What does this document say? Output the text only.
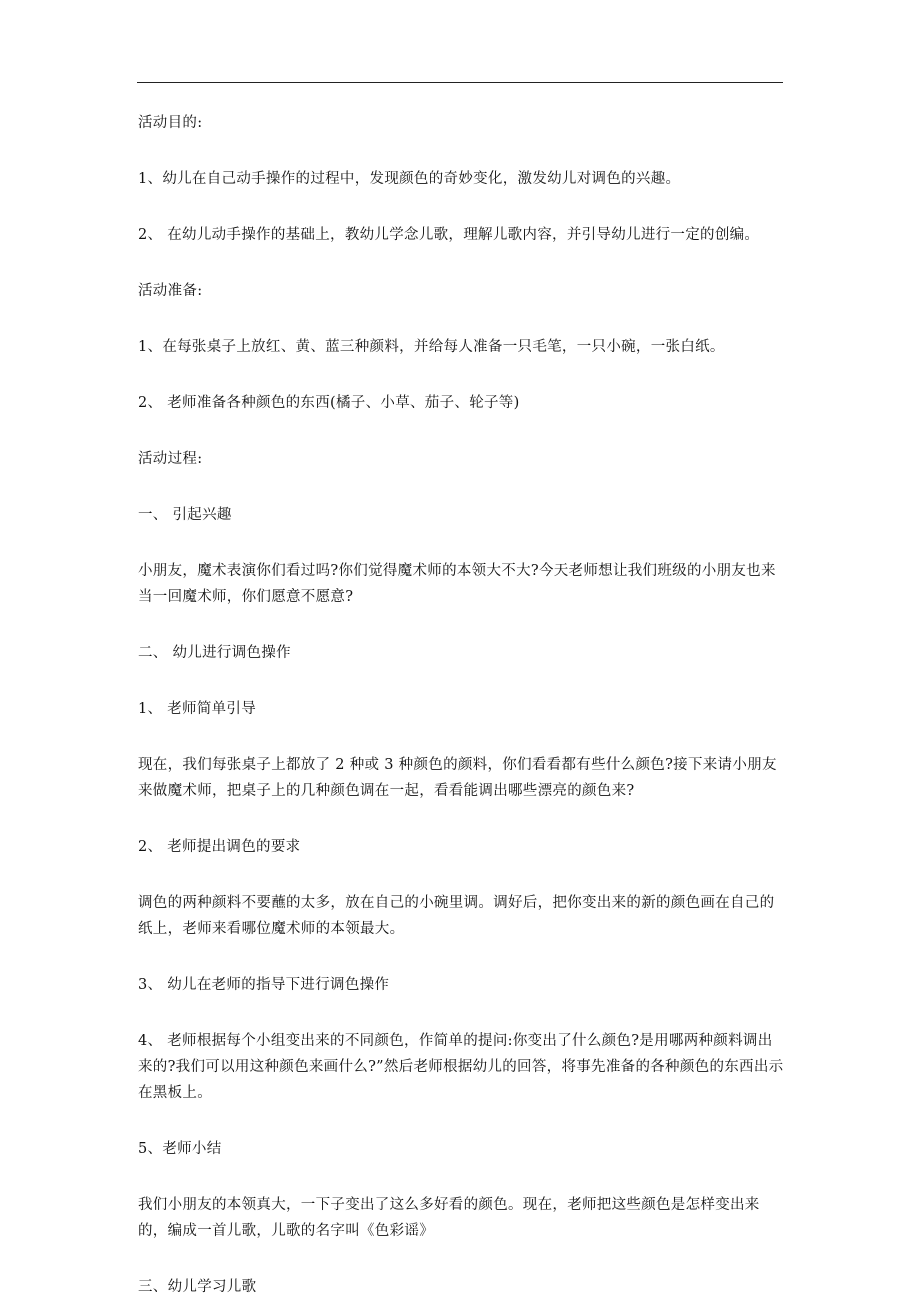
活动目的:

1、幼儿在自己动手操作的过程中，发现颜色的奇妙变化，激发幼儿对调色的兴趣。

2、 在幼儿动手操作的基础上，教幼儿学念儿歌，理解儿歌内容，并引导幼儿进行一定的创编。

活动准备:

1、在每张桌子上放红、黄、蓝三种颜料，并给每人准备一只毛笔，一只小碗，一张白纸。

2、 老师准备各种颜色的东西(橘子、小草、茄子、轮子等)

活动过程:

一、 引起兴趣

小朋友，魔术表演你们看过吗?你们觉得魔术师的本领大不大?今天老师想让我们班级的小朋友也来当一回魔术师，你们愿意不愿意?

二、 幼儿进行调色操作

1、 老师简单引导

现在，我们每张桌子上都放了 2 种或 3 种颜色的颜料，你们看看都有些什么颜色?接下来请小朋友来做魔术师，把桌子上的几种颜色调在一起，看看能调出哪些漂亮的颜色来?

2、 老师提出调色的要求

调色的两种颜料不要蘸的太多，放在自己的小碗里调。调好后，把你变出来的新的颜色画在自己的纸上，老师来看哪位魔术师的本领最大。

3、 幼儿在老师的指导下进行调色操作

4、 老师根据每个小组变出来的不同颜色，作简单的提问:你变出了什么颜色?是用哪两种颜料调出来的?我们可以用这种颜色来画什么?”然后老师根据幼儿的回答，将事先准备的各种颜色的东西出示在黑板上。

5、老师小结

我们小朋友的本领真大，一下子变出了这么多好看的颜色。现在，老师把这些颜色是怎样变出来的，编成一首儿歌，儿歌的名字叫《色彩谣》

三、幼儿学习儿歌
